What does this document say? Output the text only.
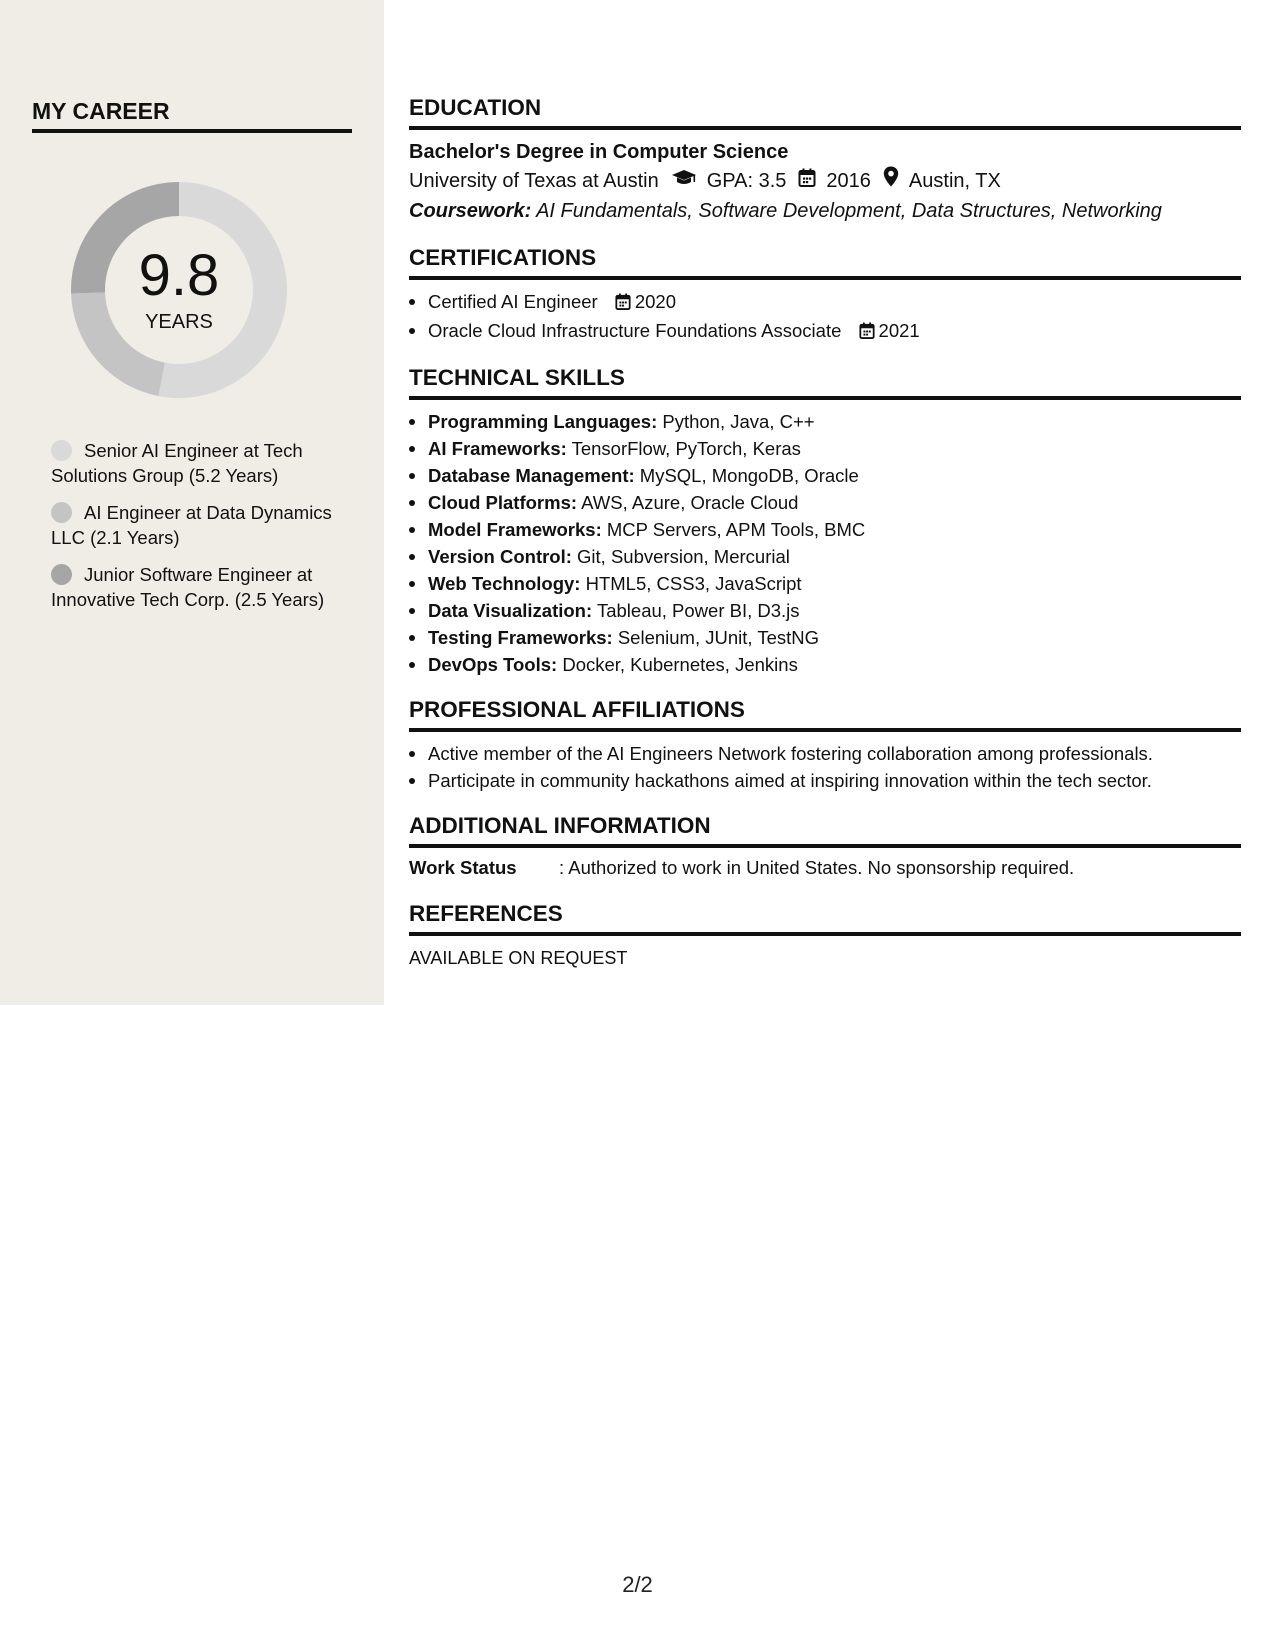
MY CAREER
9.8
YEARS
Senior AI Engineer at Tech Solutions Group (5.2 Years)
AI Engineer at Data Dynamics LLC (2.1 Years)
Junior Software Engineer at Innovative Tech Corp. (2.5 Years)
EDUCATION
Bachelor's Degree in Computer Science
University of Texas at Austin GPA: 3.5 2016 Austin, TX
Coursework: AI Fundamentals, Software Development, Data Structures, Networking
CERTIFICATIONS
Certified AI Engineer 2020
Oracle Cloud Infrastructure Foundations Associate 2021
TECHNICAL SKILLS
Programming Languages: Python, Java, C++
AI Frameworks: TensorFlow, PyTorch, Keras
Database Management: MySQL, MongoDB, Oracle
Cloud Platforms: AWS, Azure, Oracle Cloud
Model Frameworks: MCP Servers, APM Tools, BMC
Version Control: Git, Subversion, Mercurial
Web Technology: HTML5, CSS3, JavaScript
Data Visualization: Tableau, Power BI, D3.js
Testing Frameworks: Selenium, JUnit, TestNG
DevOps Tools: Docker, Kubernetes, Jenkins
PROFESSIONAL AFFILIATIONS
Active member of the AI Engineers Network fostering collaboration among professionals.
Participate in community hackathons aimed at inspiring innovation within the tech sector.
ADDITIONAL INFORMATION
Work Status	: Authorized to work in United States. No sponsorship required.
REFERENCES
AVAILABLE ON REQUEST
2/2
